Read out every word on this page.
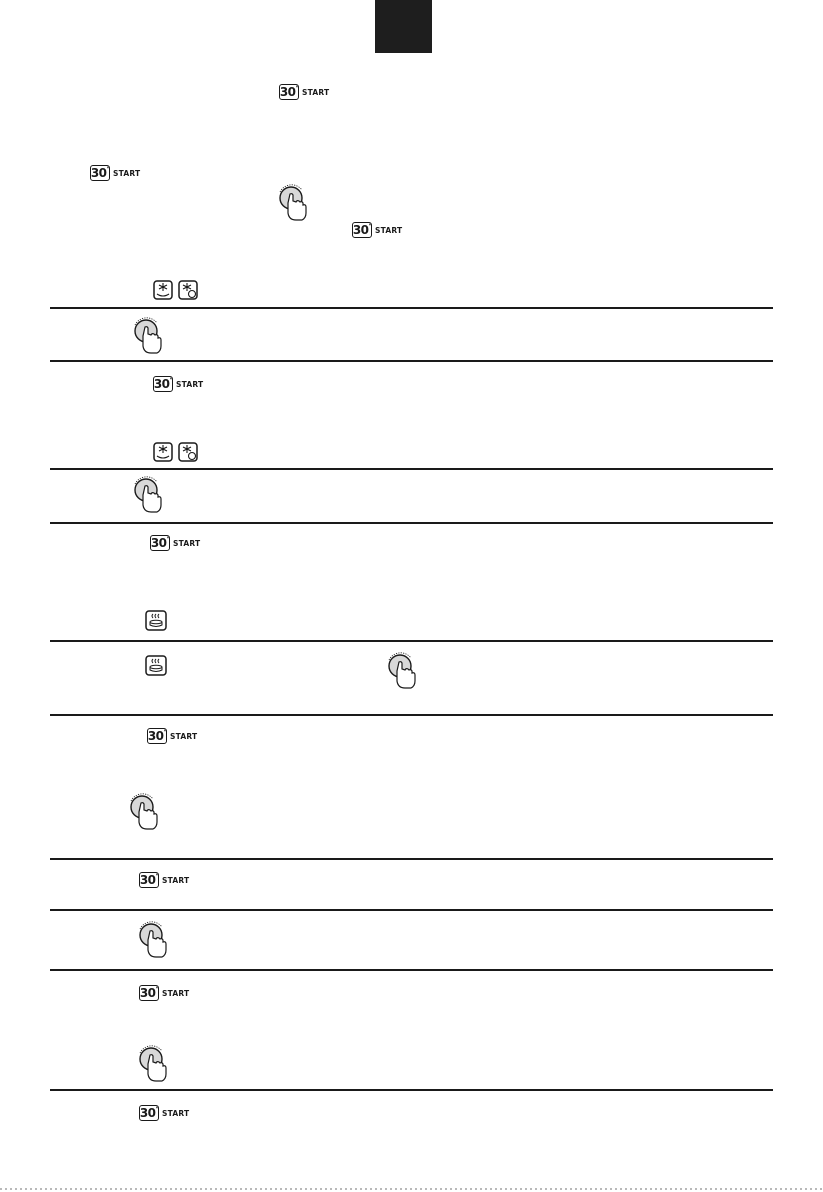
30" START
30" START
30" START
30" START
30" START
30" START
30" START
30" START
30" START
